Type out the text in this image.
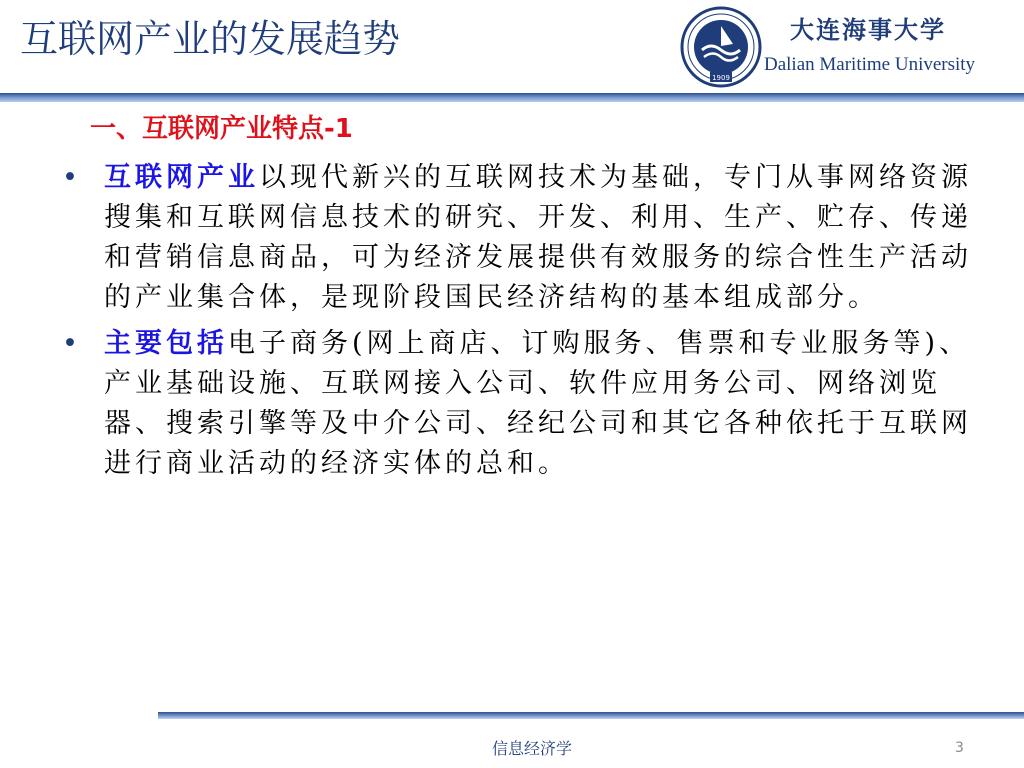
互联网产业的发展趋势
1909
大连海事大学
Dalian Maritime University
一、互联网产业特点-1
• 互联网产业以现代新兴的互联网技术为基础，专门从事网络资源搜集和互联网信息技术的研究、开发、利用、生产、贮存、传递和营销信息商品，可为经济发展提供有效服务的综合性生产活动的产业集合体，是现阶段国民经济结构的基本组成部分。
• 主要包括电子商务(网上商店、订购服务、售票和专业服务等)、产业基础设施、互联网接入公司、软件应用务公司、网络浏览器、搜索引擎等及中介公司、经纪公司和其它各种依托于互联网进行商业活动的经济实体的总和。
信息经济学	3
